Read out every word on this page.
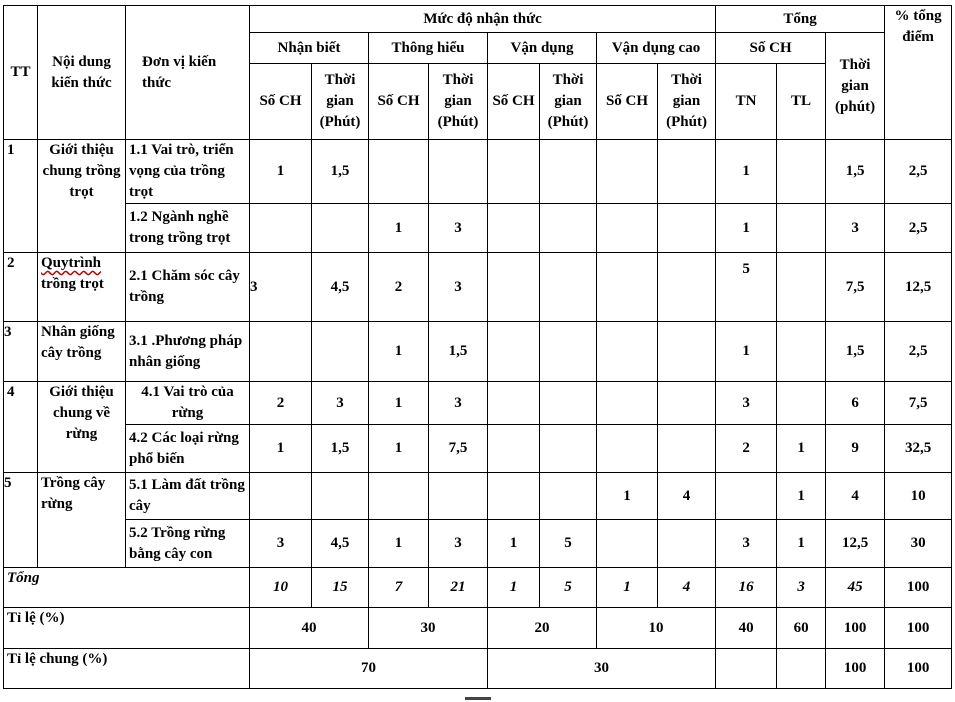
TT	Nội dung kiến thức	Đơn vị kiến thức	Mức độ nhận thức								Tổng			% tổng điểm
			Nhận biết		Thông hiểu		Vận dụng		Vận dụng cao		Số CH		Thời gian (phút)	
			Số CH	Thời gian (Phút)	Số CH	Thời gian (Phút)	Số CH	Thời gian (Phút)	Số CH	Thời gian (Phút)	TN	TL		
1	Giới thiệu chung trồng trọt	1.1 Vai trò, triển vọng của trồng trọt	1	1,5							1		1,5	2,5
		1.2 Ngành nghề trong trồng trọt			1	3					1		3	2,5
2	Quytrình trồng trọt	2.1 Chăm sóc cây trồng	3	4,5	2	3					5		7,5	12,5
3	Nhân giống cây trồng	3.1 .Phương pháp nhân giống			1	1,5					1		1,5	2,5
4	Giới thiệu chung về rừng	4.1 Vai trò của rừng	2	3	1	3					3		6	7,5
		4.2 Các loại rừng phổ biến	1	1,5	1	7,5					2	1	9	32,5
5	Trồng cây rừng	5.1 Làm đất trồng cây							1	4		1	4	10
		5.2 Trồng rừng bằng cây con	3	4,5	1	3	1	5			3	1	12,5	30
Tổng			10	15	7	21	1	5	1	4	16	3	45	100
Tỉ lệ (%)			40		30		20		10		40	60	100	100
Tỉ lệ chung (%)			70				30						100	100
